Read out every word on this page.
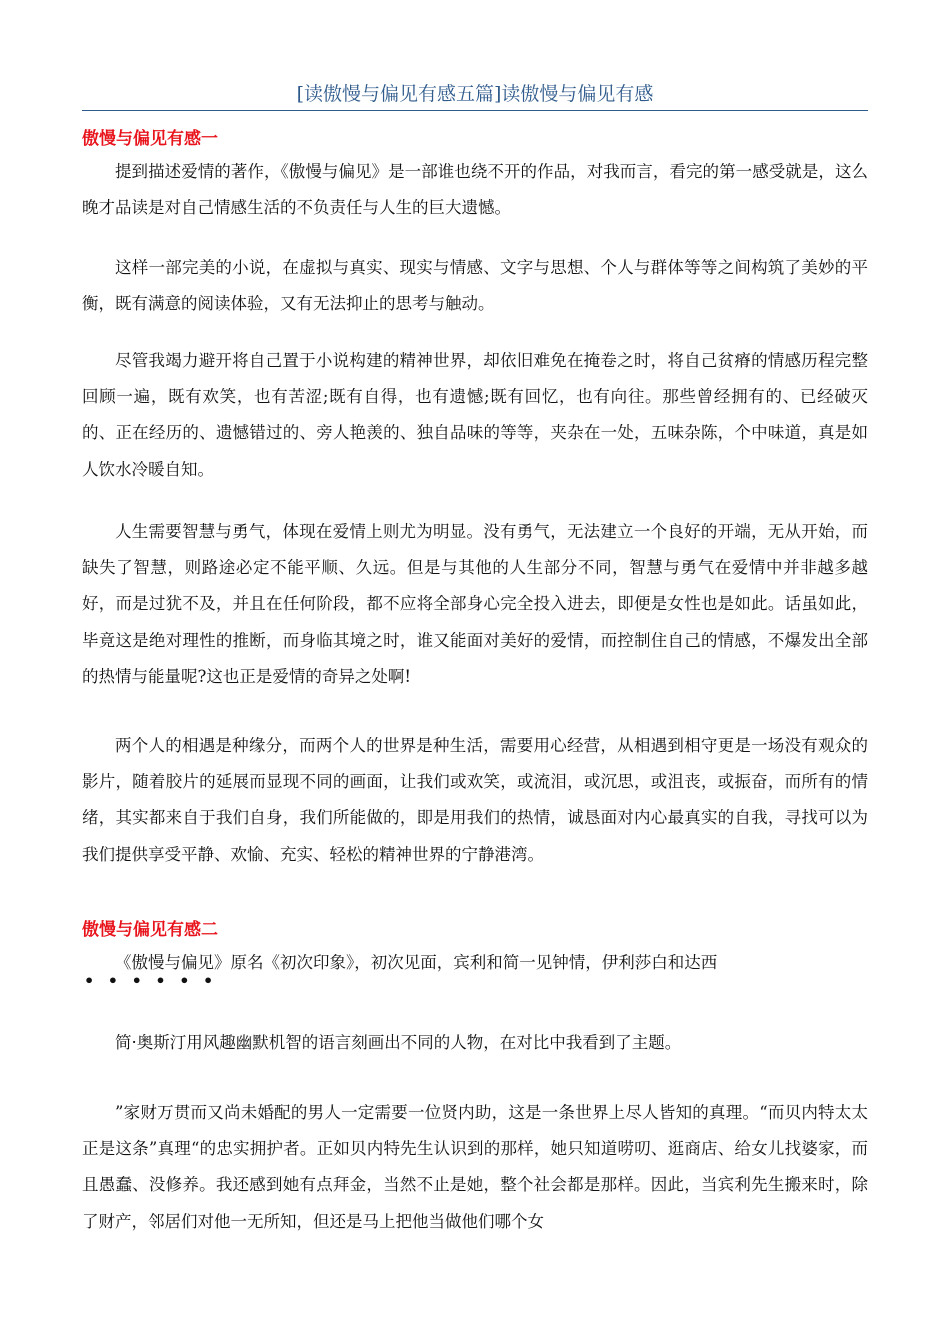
[读傲慢与偏见有感五篇]读傲慢与偏见有感
傲慢与偏见有感一

提到描述爱情的著作，《傲慢与偏见》是一部谁也绕不开的作品，对我而言，看完的第一感受就是，这么晚才品读是对自己情感生活的不负责任与人生的巨大遗憾。

这样一部完美的小说，在虚拟与真实、现实与情感、文字与思想、个人与群体等等之间构筑了美妙的平衡，既有满意的阅读体验，又有无法抑止的思考与触动。

尽管我竭力避开将自己置于小说构建的精神世界，却依旧难免在掩卷之时，将自己贫瘠的情感历程完整回顾一遍，既有欢笑，也有苦涩;既有自得，也有遗憾;既有回忆，也有向往。那些曾经拥有的、已经破灭的、正在经历的、遗憾错过的、旁人艳羡的、独自品味的等等，夹杂在一处，五味杂陈，个中味道，真是如人饮水冷暖自知。

人生需要智慧与勇气，体现在爱情上则尤为明显。没有勇气，无法建立一个良好的开端，无从开始，而缺失了智慧，则路途必定不能平顺、久远。但是与其他的人生部分不同，智慧与勇气在爱情中并非越多越好，而是过犹不及，并且在任何阶段，都不应将全部身心完全投入进去，即便是女性也是如此。话虽如此，毕竟这是绝对理性的推断，而身临其境之时，谁又能面对美好的爱情，而控制住自己的情感，不爆发出全部的热情与能量呢?这也正是爱情的奇异之处啊!

两个人的相遇是种缘分，而两个人的世界是种生活，需要用心经营，从相遇到相守更是一场没有观众的影片，随着胶片的延展而显现不同的画面，让我们或欢笑，或流泪，或沉思，或沮丧，或振奋，而所有的情绪，其实都来自于我们自身，我们所能做的，即是用我们的热情，诚恳面对内心最真实的自我，寻找可以为我们提供享受平静、欢愉、充实、轻松的精神世界的宁静港湾。

傲慢与偏见有感二

《傲慢与偏见》原名《初次印象》，初次见面，宾利和简一见钟情，伊利莎白和达西

• • • • • •

简·奥斯汀用风趣幽默机智的语言刻画出不同的人物，在对比中我看到了主题。

”家财万贯而又尚未婚配的男人一定需要一位贤内助，这是一条世界上尽人皆知的真理。“而贝内特太太正是这条”真理“的忠实拥护者。正如贝内特先生认识到的那样，她只知道唠叨、逛商店、给女儿找婆家，而且愚蠢、没修养。我还感到她有点拜金，当然不止是她，整个社会都是那样。因此，当宾利先生搬来时，除了财产，邻居们对他一无所知，但还是马上把他当做他们哪个女
